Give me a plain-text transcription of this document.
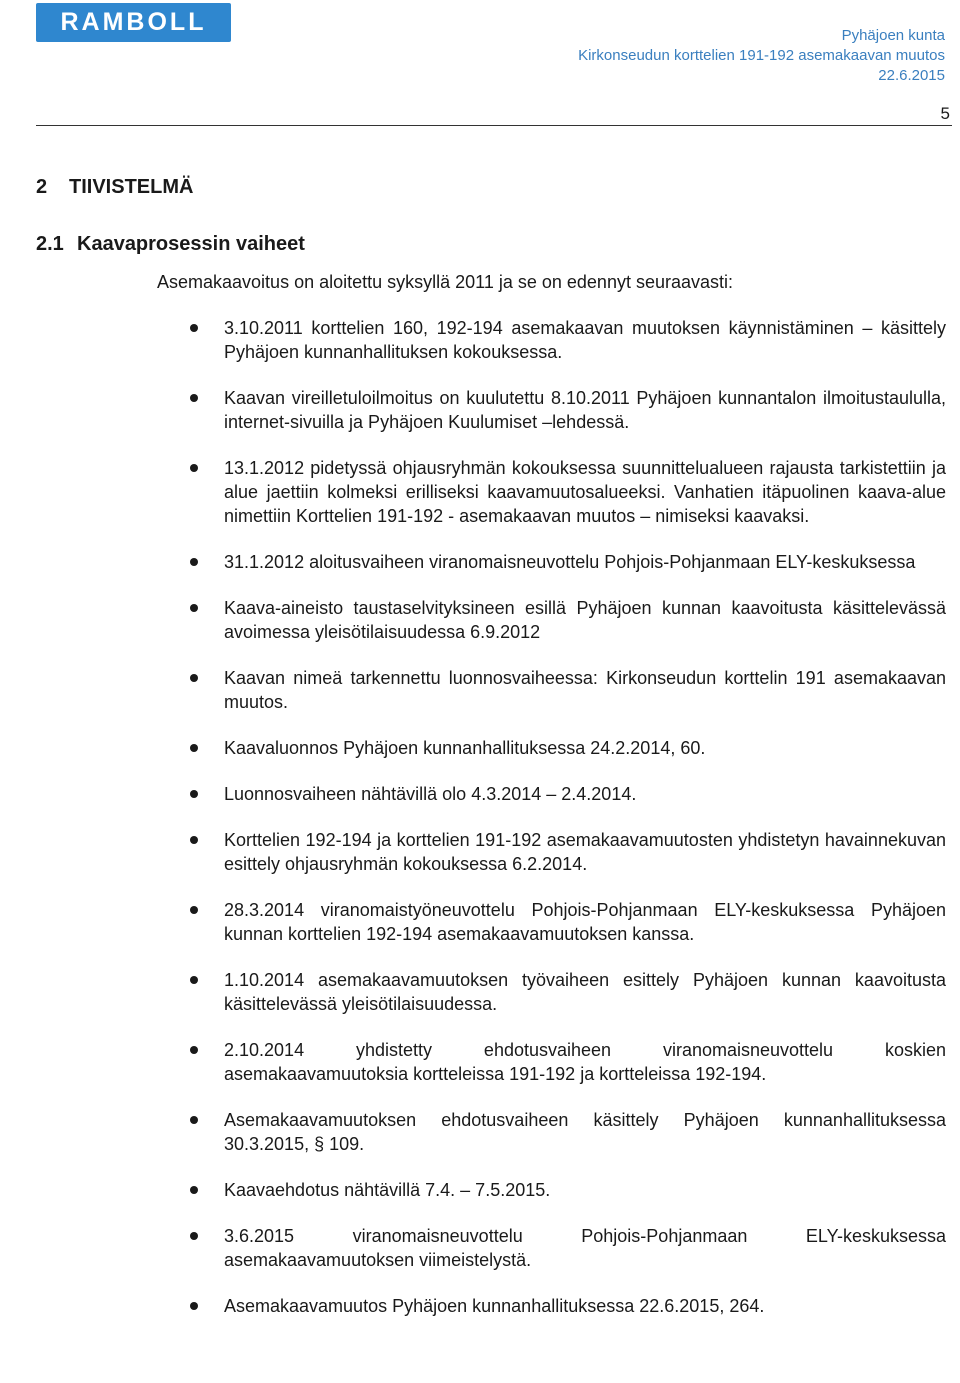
RAMBOLL	Pyhäjoen kunta
Kirkonseudun korttelien 191-192 asemakaavan muutos
22.6.2015
5
2 TIIVISTELMÄ
2.1 Kaavaprosessin vaiheet
Asemakaavoitus on aloitettu syksyllä 2011 ja se on edennyt seuraavasti:
3.10.2011 korttelien 160, 192-194 asemakaavan muutoksen käynnistäminen – käsittely Pyhäjoen kunnanhallituksen kokouksessa.
Kaavan vireilletuloilmoitus on kuulutettu 8.10.2011 Pyhäjoen kunnantalon ilmoitustaululla, internet-sivuilla ja Pyhäjoen Kuulumiset –lehdessä.
13.1.2012 pidetyssä ohjausryhmän kokouksessa suunnittelualueen rajausta tarkistettiin ja alue jaettiin kolmeksi erilliseksi kaavamuutosalueeksi. Vanhatien itäpuolinen kaava-alue nimettiin Korttelien 191-192 - asemakaavan muutos – nimiseksi kaavaksi.
31.1.2012 aloitusvaiheen viranomaisneuvottelu Pohjois-Pohjanmaan ELY-keskuksessa
Kaava-aineisto taustaselvityksineen esillä Pyhäjoen kunnan kaavoitusta käsittelevässä avoimessa yleisötilaisuudessa 6.9.2012
Kaavan nimeä tarkennettu luonnosvaiheessa: Kirkonseudun korttelin 191 asemakaavan muutos.
Kaavaluonnos Pyhäjoen kunnanhallituksessa 24.2.2014, 60.
Luonnosvaiheen nähtävillä olo 4.3.2014 – 2.4.2014.
Korttelien 192-194 ja korttelien 191-192 asemakaavamuutosten yhdistetyn havainnekuvan esittely ohjausryhmän kokouksessa 6.2.2014.
28.3.2014 viranomaistyöneuvottelu Pohjois-Pohjanmaan ELY-keskuksessa Pyhäjoen kunnan korttelien 192-194 asemakaavamuutoksen kanssa.
1.10.2014 asemakaavamuutoksen työvaiheen esittely Pyhäjoen kunnan kaavoitusta käsittelevässä yleisötilaisuudessa.
2.10.2014 yhdistetty ehdotusvaiheen viranomaisneuvottelu koskien asemakaavamuutoksia kortteleissa 191-192 ja kortteleissa 192-194.
Asemakaavamuutoksen ehdotusvaiheen käsittely Pyhäjoen kunnanhallituksessa 30.3.2015, § 109.
Kaavaehdotus nähtävillä 7.4. – 7.5.2015.
3.6.2015 viranomaisneuvottelu Pohjois-Pohjanmaan ELY-keskuksessa asemakaavamuutoksen viimeistelystä.
Asemakaavamuutos Pyhäjoen kunnanhallituksessa 22.6.2015, 264.
